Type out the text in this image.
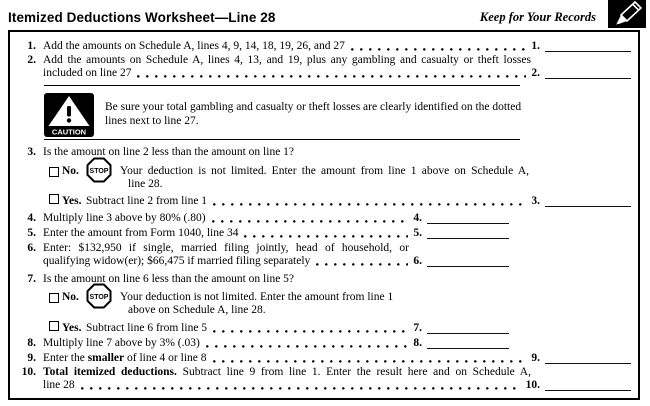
Itemized Deductions Worksheet—Line 28	Keep for Your Records
1. Add the amounts on Schedule A, lines 4, 9, 14, 18, 19, 26, and 27	1.
2. Add the amounts on Schedule A, lines 4, 13, and 19, plus any gambling and casualty or theft losses
included on line 27	2.
CAUTION
Be sure your total gambling and casualty or theft losses are clearly identified on the dotted
lines next to line 27.
3. Is the amount on line 2 less than the amount on line 1?
No.	STOP Your deduction is not limited. Enter the amount from line 1 above on Schedule A,
line 28.
Yes. Subtract line 2 from line 1	3.
4. Multiply line 3 above by 80% (.80)	4.
5. Enter the amount from Form 1040, line 34	5.
6. Enter: $132,950 if single, married filing jointly, head of household, or
qualifying widow(er); $66,475 if married filing separately	6.
7. Is the amount on line 6 less than the amount on line 5?
No.	STOP Your deduction is not limited. Enter the amount from line 1
above on Schedule A, line 28.
Yes. Subtract line 6 from line 5	7.
8. Multiply line 7 above by 3% (.03)	8.
9. Enter the smaller of line 4 or line 8	9.
10. Total itemized deductions. Subtract line 9 from line 1. Enter the result here and on Schedule A,
line 28	10.
